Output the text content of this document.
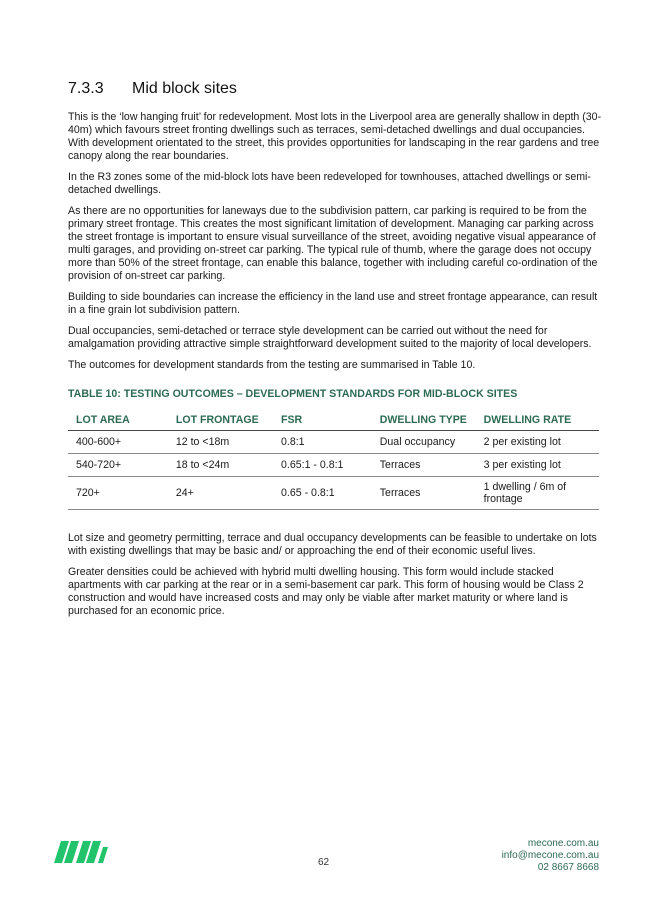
7.3.3 Mid block sites

This is the ‘low hanging fruit’ for redevelopment. Most lots in the Liverpool area are generally shallow in depth (30-40m) which favours street fronting dwellings such as terraces, semi-detached dwellings and dual occupancies. With development orientated to the street, this provides opportunities for landscaping in the rear gardens and tree canopy along the rear boundaries.

In the R3 zones some of the mid-block lots have been redeveloped for townhouses, attached dwellings or semi-detached dwellings.

As there are no opportunities for laneways due to the subdivision pattern, car parking is required to be from the primary street frontage. This creates the most significant limitation of development. Managing car parking across the street frontage is important to ensure visual surveillance of the street, avoiding negative visual appearance of multi garages, and providing on-street car parking. The typical rule of thumb, where the garage does not occupy more than 50% of the street frontage, can enable this balance, together with including careful co-ordination of the provision of on-street car parking.

Building to side boundaries can increase the efficiency in the land use and street frontage appearance, can result in a fine grain lot subdivision pattern.

Dual occupancies, semi-detached or terrace style development can be carried out without the need for amalgamation providing attractive simple straightforward development suited to the majority of local developers.

The outcomes for development standards from the testing are summarised in Table 10.

TABLE 10: TESTING OUTCOMES – DEVELOPMENT STANDARDS FOR MID-BLOCK SITES
LOT AREA	LOT FRONTAGE	FSR	DWELLING TYPE	DWELLING RATE
400-600+	12 to <18m	0.8:1	Dual occupancy	2 per existing lot
540-720+	18 to <24m	0.65:1 - 0.8:1	Terraces	3 per existing lot
720+	24+	0.65 - 0.8:1	Terraces	1 dwelling / 6m of frontage

Lot size and geometry permitting, terrace and dual occupancy developments can be feasible to undertake on lots with existing dwellings that may be basic and/ or approaching the end of their economic useful lives.

Greater densities could be achieved with hybrid multi dwelling housing. This form would include stacked apartments with car parking at the rear or in a semi-basement car park. This form of housing would be Class 2 construction and would have increased costs and may only be viable after market maturity or where land is purchased for an economic price.

62
mecone.com.au
info@mecone.com.au
02 8667 8668
